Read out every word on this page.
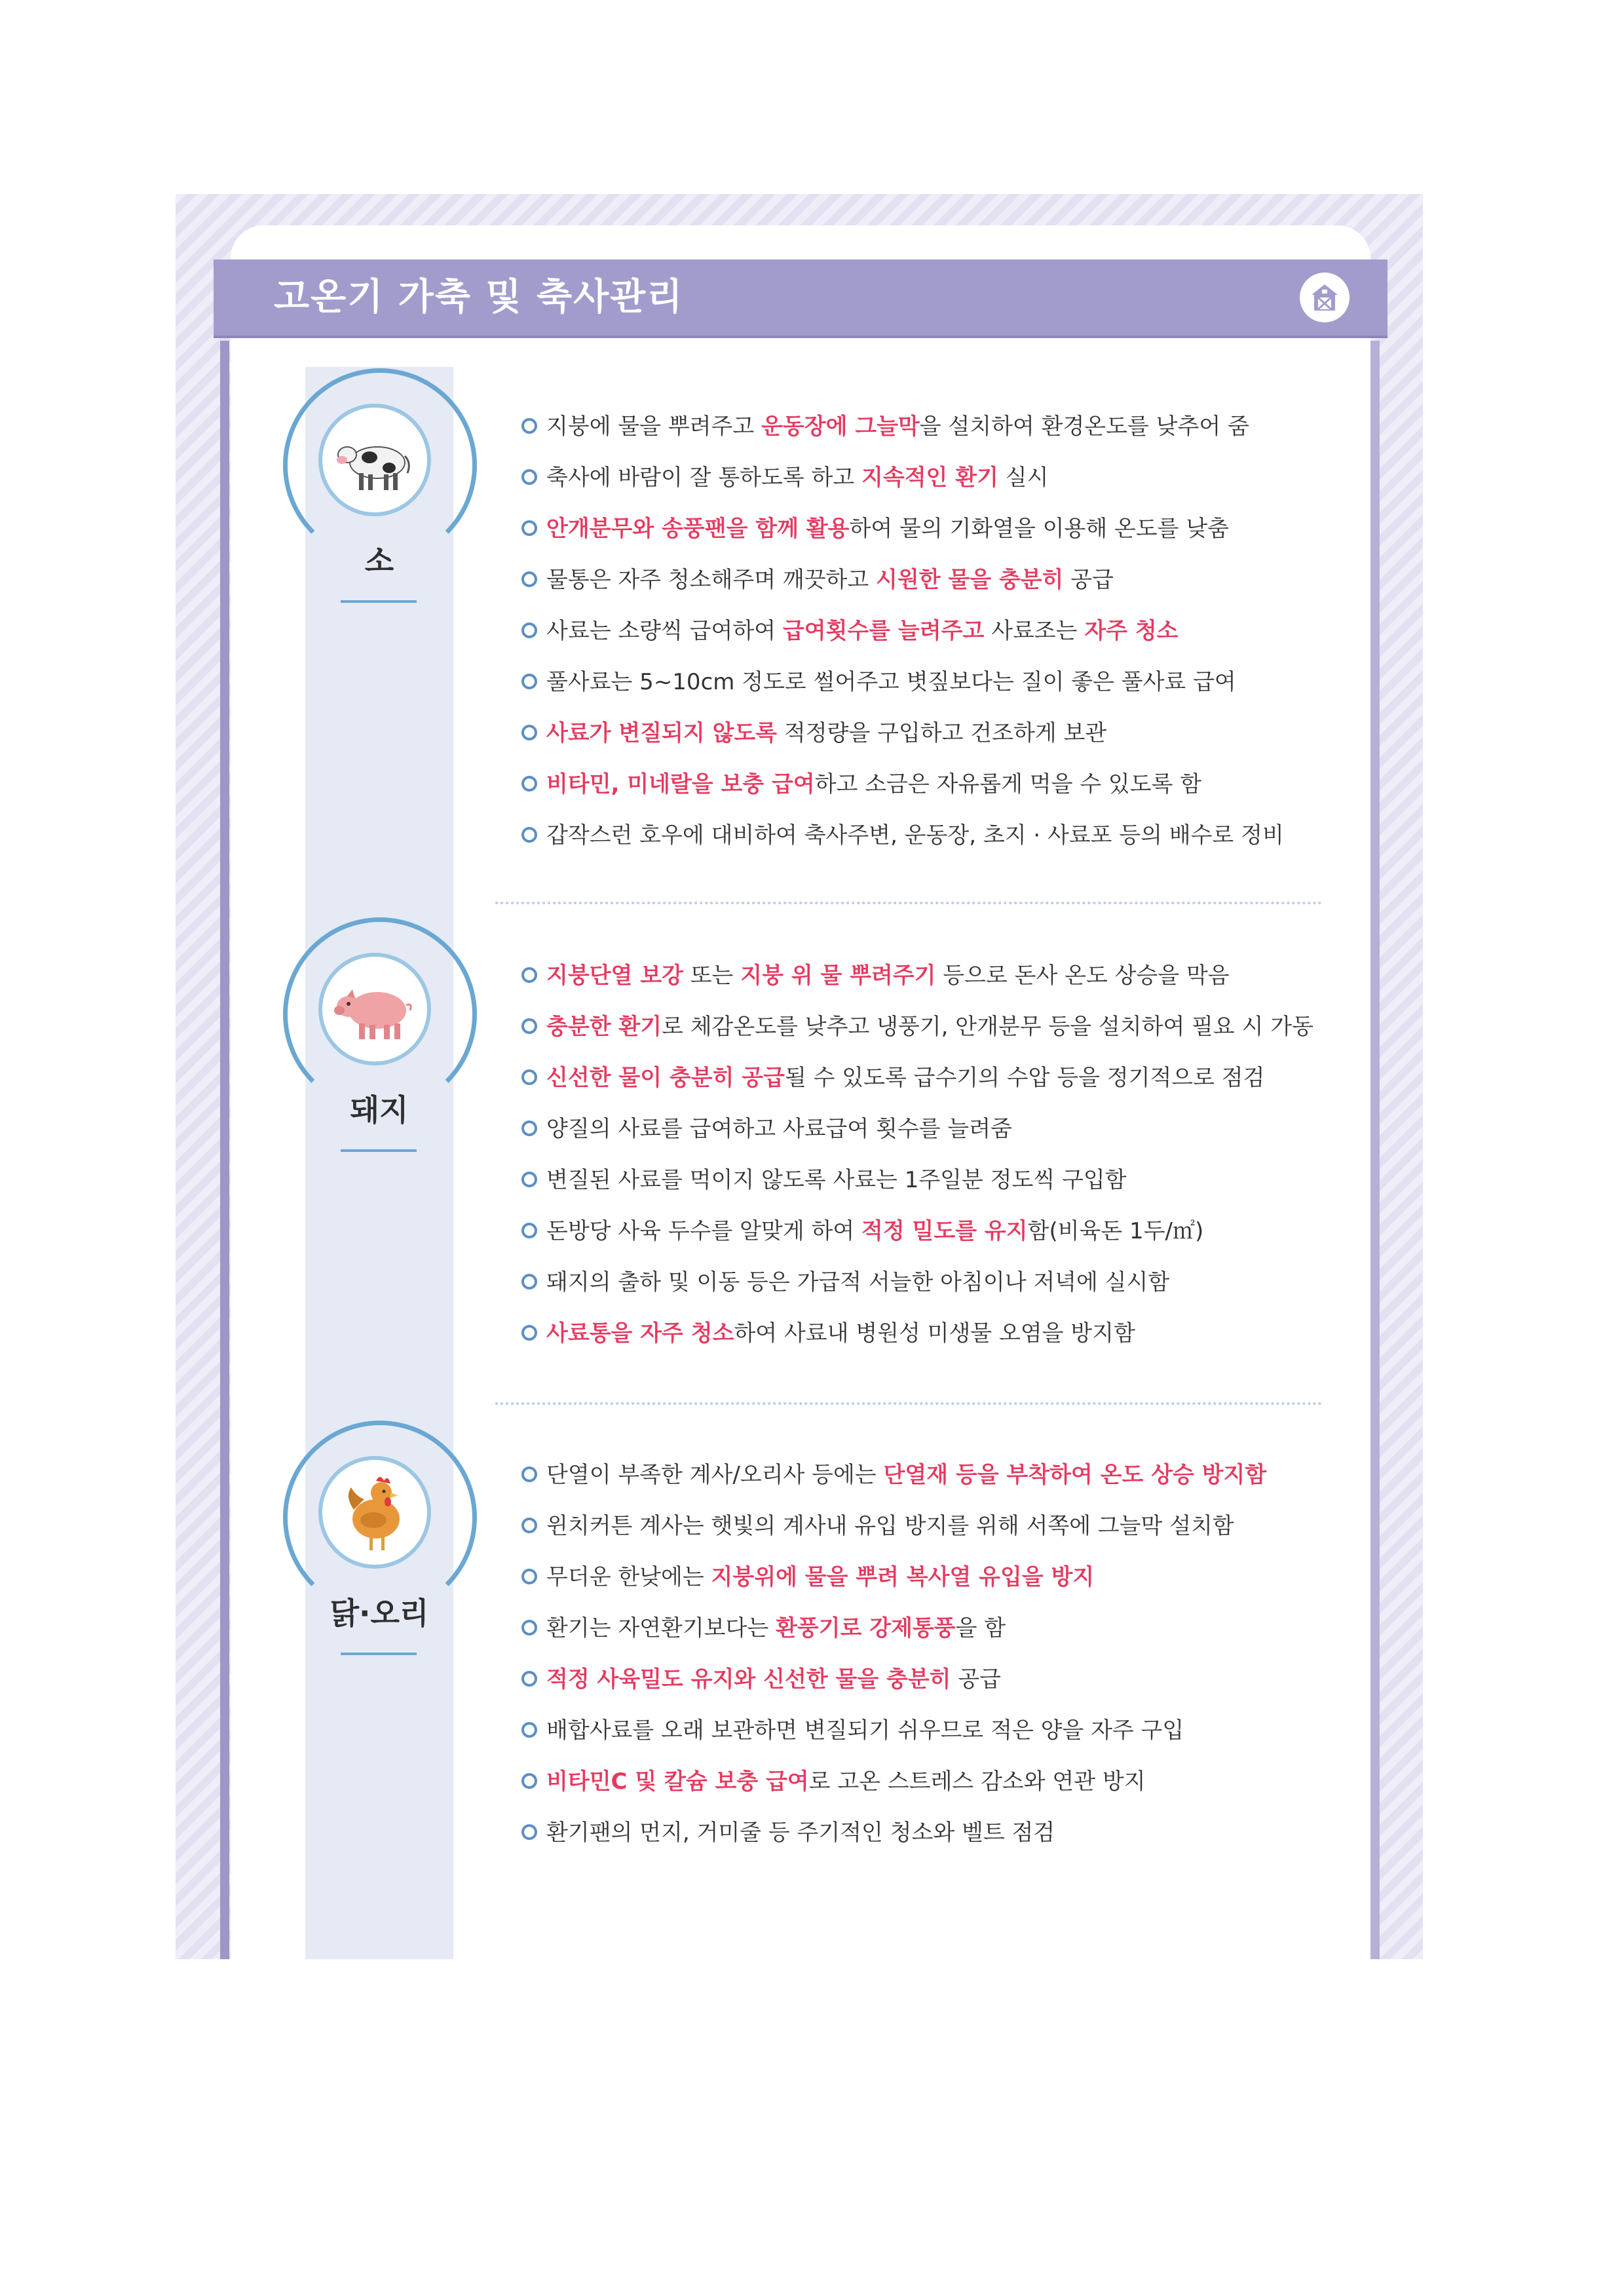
고온기 가축 및 축사관리
소
지붕에 물을 뿌려주고 운동장에 그늘막을 설치하여 환경온도를 낮추어 줌
축사에 바람이 잘 통하도록 하고 지속적인 환기 실시
안개분무와 송풍팬을 함께 활용하여 물의 기화열을 이용해 온도를 낮춤
물통은 자주 청소해주며 깨끗하고 시원한 물을 충분히 공급
사료는 소량씩 급여하여 급여횟수를 늘려주고 사료조는 자주 청소
풀사료는 5~10cm 정도로 썰어주고 볏짚보다는 질이 좋은 풀사료 급여
사료가 변질되지 않도록 적정량을 구입하고 건조하게 보관
비타민, 미네랄을 보충 급여하고 소금은 자유롭게 먹을 수 있도록 함
갑작스런 호우에 대비하여 축사주변, 운동장, 초지 · 사료포 등의 배수로 정비
돼지
지붕단열 보강 또는 지붕 위 물 뿌려주기 등으로 돈사 온도 상승을 막음
충분한 환기로 체감온도를 낮추고 냉풍기, 안개분무 등을 설치하여 필요 시 가동
신선한 물이 충분히 공급될 수 있도록 급수기의 수압 등을 정기적으로 점검
양질의 사료를 급여하고 사료급여 횟수를 늘려줌
변질된 사료를 먹이지 않도록 사료는 1주일분 정도씩 구입함
돈방당 사육 두수를 알맞게 하여 적정 밀도를 유지함(비육돈 1두/㎡)
돼지의 출하 및 이동 등은 가급적 서늘한 아침이나 저녁에 실시함
사료통을 자주 청소하여 사료내 병원성 미생물 오염을 방지함
닭·오리
단열이 부족한 계사/오리사 등에는 단열재 등을 부착하여 온도 상승 방지함
윈치커튼 계사는 햇빛의 계사내 유입 방지를 위해 서쪽에 그늘막 설치함
무더운 한낮에는 지붕위에 물을 뿌려 복사열 유입을 방지
환기는 자연환기보다는 환풍기로 강제통풍을 함
적정 사육밀도 유지와 신선한 물을 충분히 공급
배합사료를 오래 보관하면 변질되기 쉬우므로 적은 양을 자주 구입
비타민C 및 칼슘 보충 급여로 고온 스트레스 감소와 연관 방지
환기팬의 먼지, 거미줄 등 주기적인 청소와 벨트 점검
